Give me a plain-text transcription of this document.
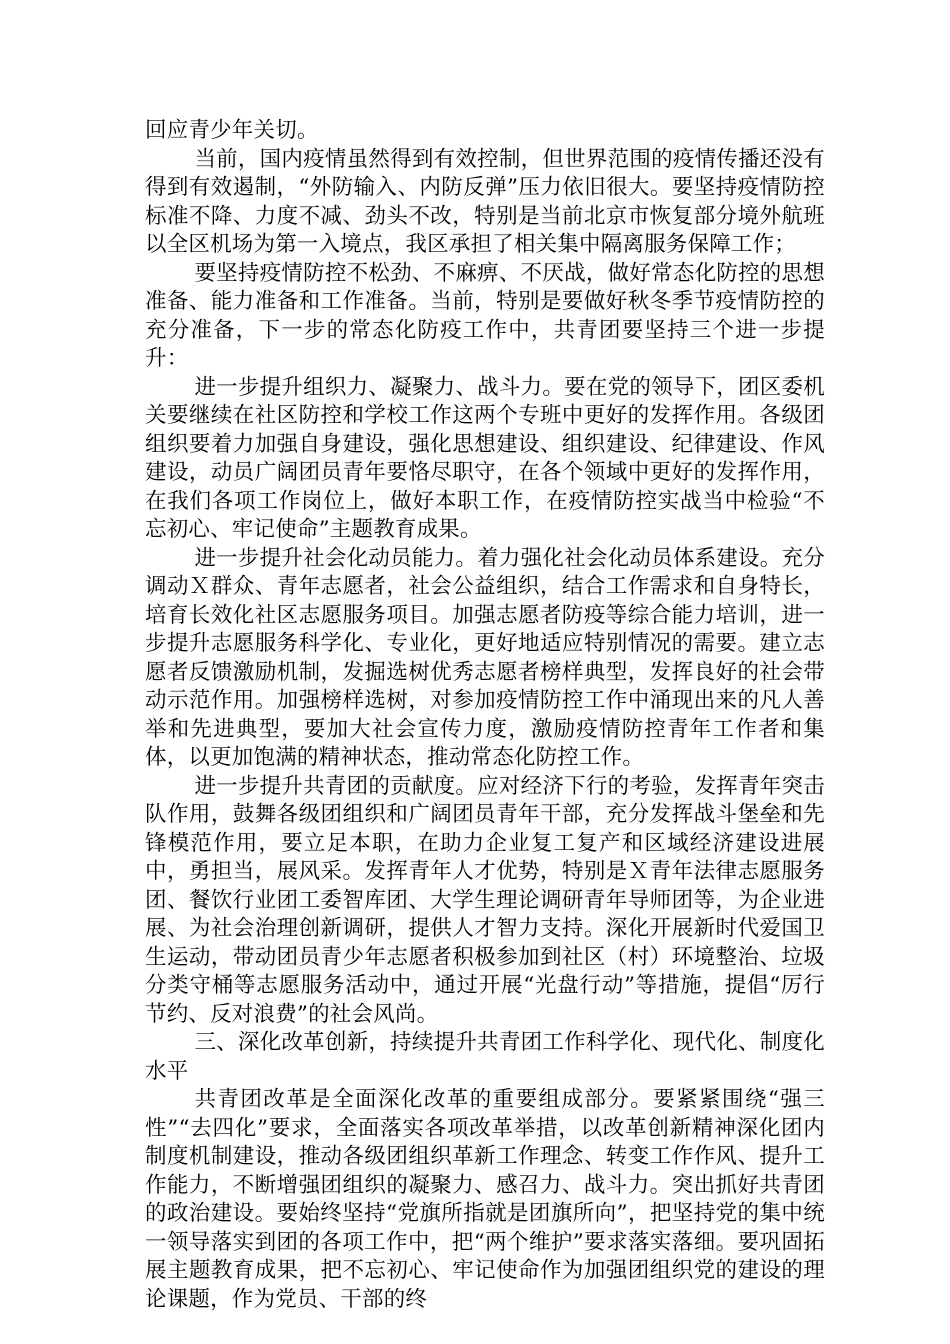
回应青少年关切。

当前，国内疫情虽然得到有效控制，但世界范围的疫情传播还没有得到有效遏制，“外防输入、内防反弹”压力依旧很大。要坚持疫情防控标准不降、力度不减、劲头不改，特别是当前北京市恢复部分境外航班以全区机场为第一入境点，我区承担了相关集中隔离服务保障工作；

要坚持疫情防控不松劲、不麻痹、不厌战，做好常态化防控的思想准备、能力准备和工作准备。当前，特别是要做好秋冬季节疫情防控的充分准备，下一步的常态化防疫工作中，共青团要坚持三个进一步提升：

进一步提升组织力、凝聚力、战斗力。要在党的领导下，团区委机关要继续在社区防控和学校工作这两个专班中更好的发挥作用。各级团组织要着力加强自身建设，强化思想建设、组织建设、纪律建设、作风建设，动员广阔团员青年要恪尽职守，在各个领域中更好的发挥作用，在我们各项工作岗位上，做好本职工作，在疫情防控实战当中检验“不忘初心、牢记使命”主题教育成果。

进一步提升社会化动员能力。着力强化社会化动员体系建设。充分调动Ｘ群众、青年志愿者，社会公益组织，结合工作需求和自身特长，培育长效化社区志愿服务项目。加强志愿者防疫等综合能力培训，进一步提升志愿服务科学化、专业化，更好地适应特别情况的需要。建立志愿者反馈激励机制，发掘选树优秀志愿者榜样典型，发挥良好的社会带动示范作用。加强榜样选树，对参加疫情防控工作中涌现出来的凡人善举和先进典型，要加大社会宣传力度，激励疫情防控青年工作者和集体，以更加饱满的精神状态，推动常态化防控工作。

进一步提升共青团的贡献度。应对经济下行的考验，发挥青年突击队作用，鼓舞各级团组织和广阔团员青年干部，充分发挥战斗堡垒和先锋模范作用，要立足本职，在助力企业复工复产和区域经济建设进展中，勇担当，展风采。发挥青年人才优势，特别是Ｘ青年法律志愿服务团、餐饮行业团工委智库团、大学生理论调研青年导师团等，为企业进展、为社会治理创新调研，提供人才智力支持。深化开展新时代爱国卫生运动，带动团员青少年志愿者积极参加到社区（村）环境整治、垃圾分类守桶等志愿服务活动中，通过开展“光盘行动”等措施，提倡“厉行节约、反对浪费”的社会风尚。

三、深化改革创新，持续提升共青团工作科学化、现代化、制度化水平

共青团改革是全面深化改革的重要组成部分。要紧紧围绕“强三性”“去四化”要求，全面落实各项改革举措，以改革创新精神深化团内制度机制建设，推动各级团组织革新工作理念、转变工作作风、提升工作能力，不断增强团组织的凝聚力、感召力、战斗力。突出抓好共青团的政治建设。要始终坚持“党旗所指就是团旗所向”，把坚持党的集中统一领导落实到团的各项工作中，把“两个维护”要求落实落细。要巩固拓展主题教育成果，把不忘初心、牢记使命作为加强团组织党的建设的理论课题，作为党员、干部的终
